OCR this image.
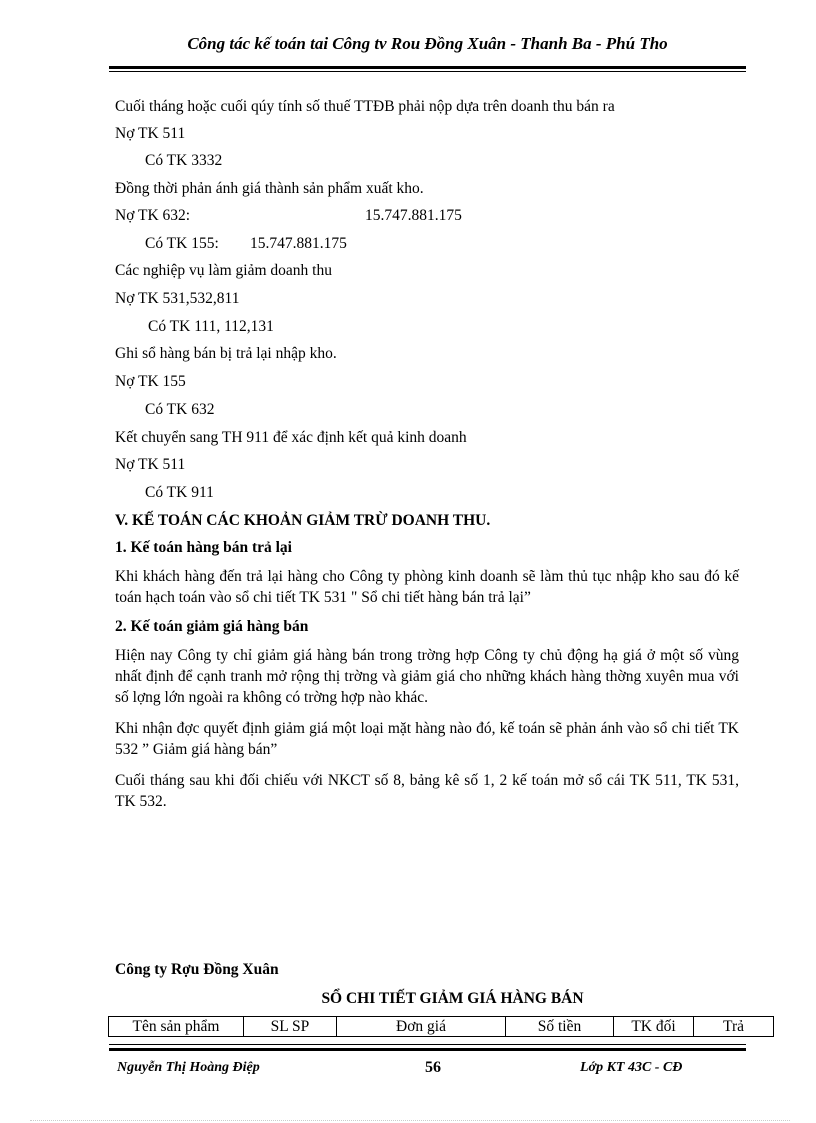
Công tác kế toán tai Công tv Rou Đồng Xuân - Thanh Ba - Phú Tho
Cuối tháng hoặc cuối qúy tính số thuế TTĐB phải nộp dựa trên doanh thu bán ra
Nợ TK 511
Có TK 3332
Đồng thời phản ánh giá thành sản phẩm xuất kho.
Nợ TK 632:	15.747.881.175
Có TK 155: 15.747.881.175
Các nghiệp vụ làm giảm doanh thu
Nợ TK 531,532,811
Có TK 111, 112,131
Ghi sổ hàng bán bị trả lại nhập kho.
Nợ TK 155
Có TK 632
Kết chuyển sang TH 911 để xác định kết quả kinh doanh
Nợ TK 511
Có TK 911
V. KẾ TOÁN CÁC KHOẢN GIẢM TRỪ DOANH THU.
1. Kế toán hàng bán trả lại
Khi khách hàng đến trả lại hàng cho Công ty phòng kinh doanh sẽ làm thủ tục nhập kho sau đó kế toán hạch toán vào sổ chi tiết TK 531 " Sổ chi tiết hàng bán trả lại”
2. Kế toán giảm giá hàng bán
Hiện nay Công ty chỉ giảm giá hàng bán trong trờng hợp Công ty chủ động hạ giá ở một số vùng nhất định để cạnh tranh mở rộng thị trờng và giảm giá cho những khách hàng thờng xuyên mua với số lợng lớn ngoài ra không có trờng hợp nào khác.
Khi nhận đợc quyết định giảm giá một loại mặt hàng nào đó, kế toán sẽ phản ánh vào sổ chi tiết TK 532 ” Giảm giá hàng bán”
Cuối tháng sau khi đối chiếu với NKCT số 8, bảng kê số 1, 2 kế toán mở sổ cái TK 511, TK 531, TK 532.
Công ty Rợu Đồng Xuân
SỔ CHI TIẾT GIẢM GIÁ HÀNG BÁN
Tên sản phẩm	SL SP	Đơn giá	Số tiền	TK đối	Trả
Nguyễn Thị Hoàng Điệp	56	Lớp KT 43C - CĐ
